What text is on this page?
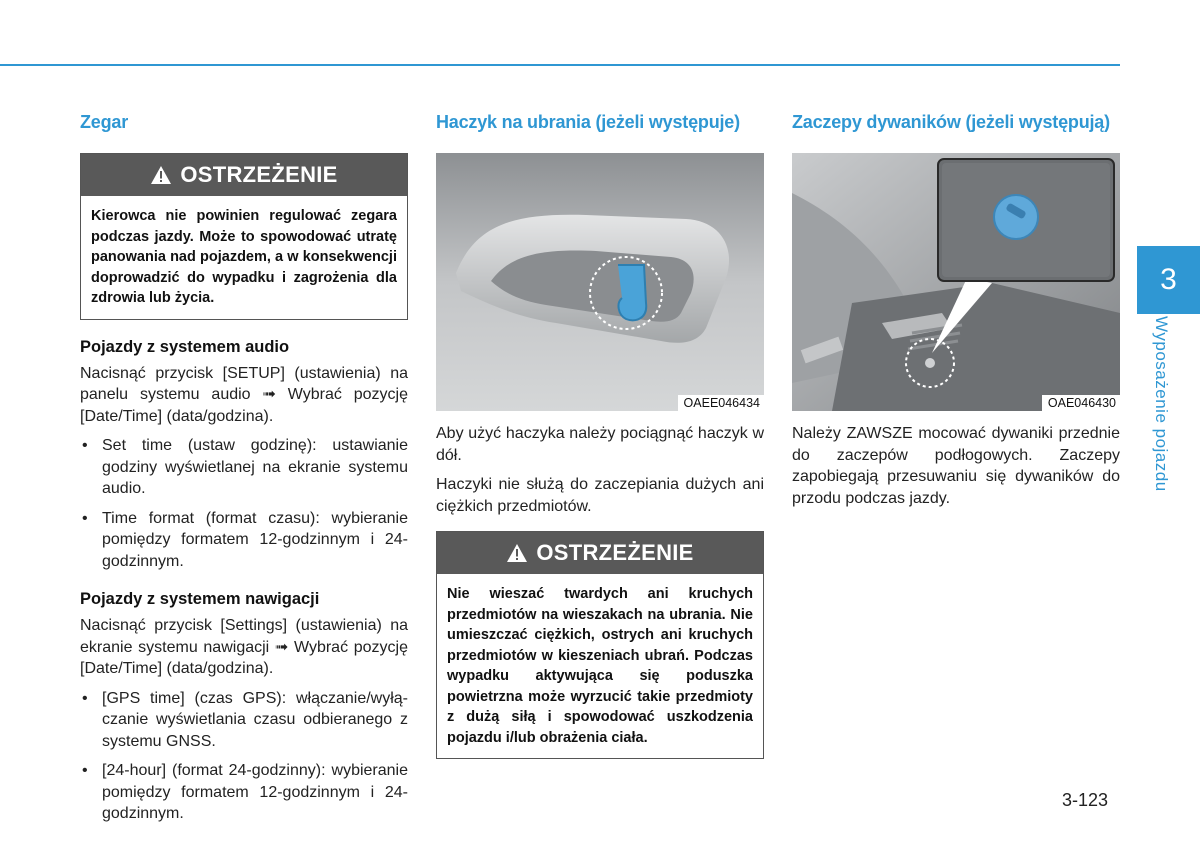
Zegar
OSTRZEŻENIE
Kierowca nie powinien regulować zegara podczas jazdy. Może to spowodować utratę panowania nad pojazdem, a w konsekwencji doprowadzić do wypadku i zagrożenia dla zdrowia lub życia.
Pojazdy z systemem audio

Nacisnąć przycisk [SETUP] (ustawienia) na panelu systemu audio ➟ Wybrać pozycję [Date/Time] (data/godzina).

• Set time (ustaw godzinę): ustawianie godziny wyświetlanej na ekranie systemu audio.
• Time format (format czasu): wybieranie pomiędzy formatem 12-godzinnym i 24-godzinnym.
Pojazdy z systemem nawigacji

Nacisnąć przycisk [Settings] (ustawienia) na ekranie systemu nawigacji ➟ Wybrać pozycję [Date/Time] (data/godzina).

• [GPS time] (czas GPS): włączanie/wyłączanie wyświetlania czasu odbieranego z systemu GNSS.
• [24-hour] (format 24-godzinny): wybieranie pomiędzy formatem 12-godzinnym i 24-godzinnym.
Haczyk na ubrania (jeżeli występuje)
OAEE046434

Aby użyć haczyka należy pociągnąć haczyk w dół.

Haczyki nie służą do zaczepiania dużych ani ciężkich przedmiotów.

OSTRZEŻENIE
Nie wieszać twardych ani kruchych przedmiotów na wieszakach na ubrania. Nie umieszczać ciężkich, ostrych ani kruchych przedmiotów w kieszeniach ubrań. Podczas wypadku aktywująca się poduszka powietrzna może wyrzucić takie przedmioty z dużą siłą i spowodować uszkodzenia pojazdu i/lub obrażenia ciała.
Zaczepy dywaników (jeżeli występują)
OAE046430

Należy ZAWSZE mocować dywaniki przednie do zaczepów podłogowych. Zaczepy zapobiegają przesuwaniu się dywaników do przodu podczas jazdy.

3
Wyposażenie pojazdu
3-123
